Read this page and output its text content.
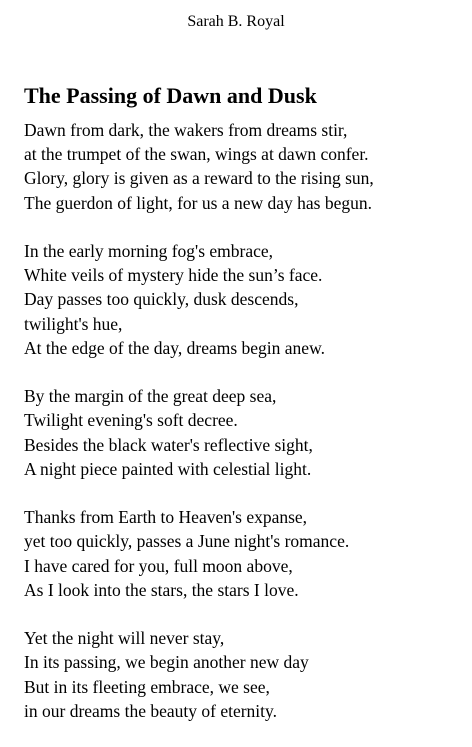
Sarah B. Royal
The Passing of Dawn and Dusk
Dawn from dark, the wakers from dreams stir,
at the trumpet of the swan, wings at dawn confer.
Glory, glory is given as a reward to the rising sun,
The guerdon of light, for us a new day has begun.
In the early morning fog's embrace,
White veils of mystery hide the sun’s face.
Day passes too quickly, dusk descends,
twilight's hue,
At the edge of the day, dreams begin anew.
By the margin of the great deep sea,
Twilight evening's soft decree.
Besides the black water's reflective sight,
A night piece painted with celestial light.
Thanks from Earth to Heaven's expanse,
yet too quickly, passes a June night's romance.
I have cared for you, full moon above,
As I look into the stars, the stars I love.
Yet the night will never stay,
In its passing, we begin another new day
But in its fleeting embrace, we see,
in our dreams the beauty of eternity.
